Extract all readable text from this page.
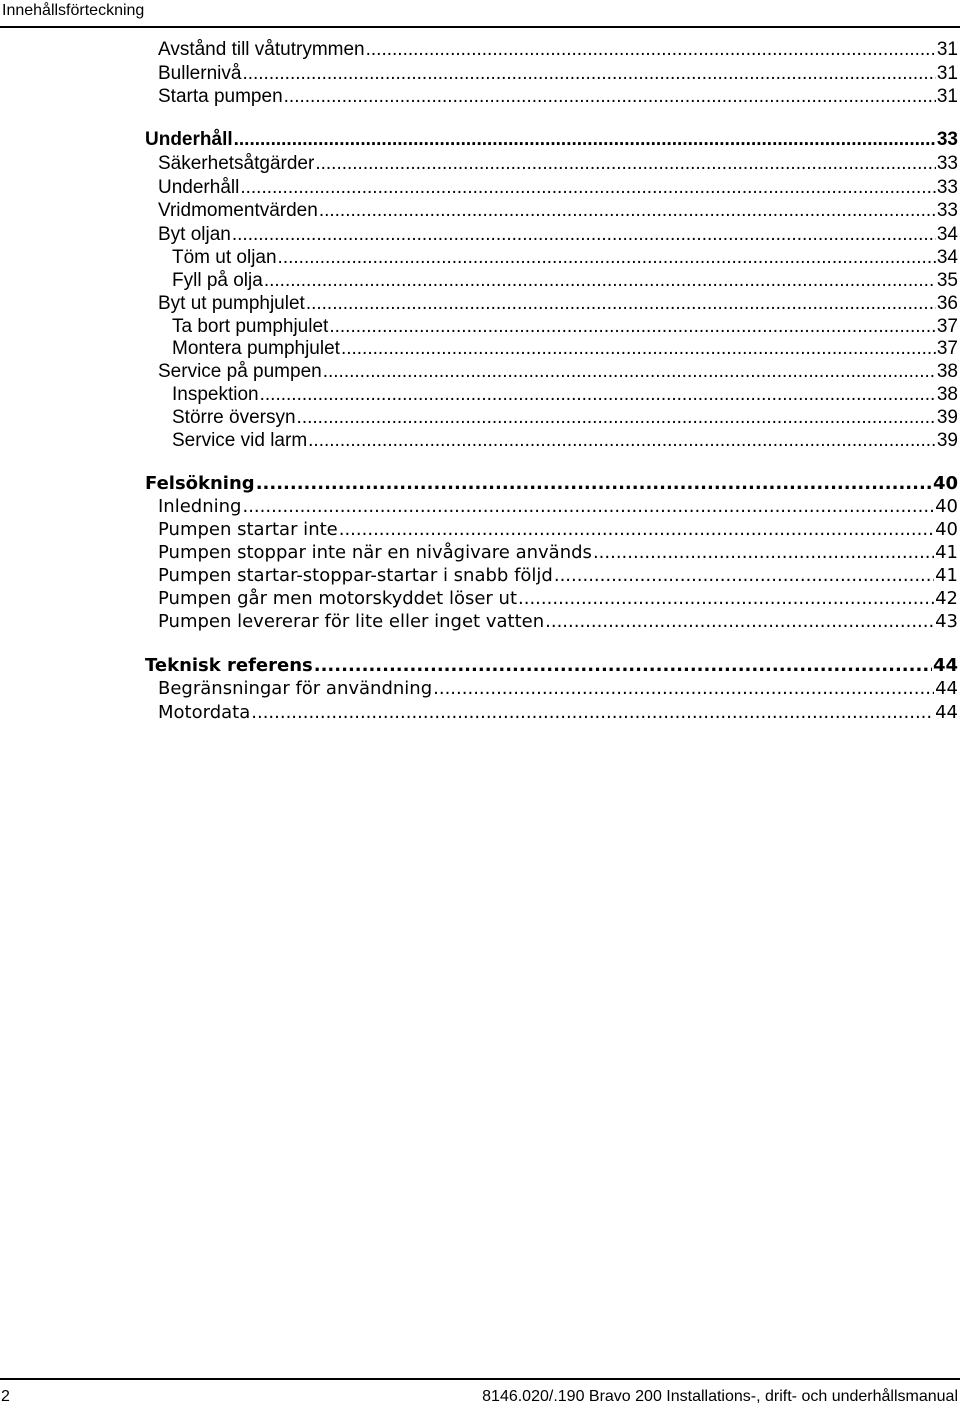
Innehållsförteckning
Avstånd till våtutrymmen .....	31
Bullernivå .....	31
Starta pumpen .....	31
Underhåll .....	33
Säkerhetsåtgärder .....	33
Underhåll .....	33
Vridmomentvärden .....	33
Byt oljan .....	34
Töm ut oljan .....	34
Fyll på olja .....	35
Byt ut pumphjulet .....	36
Ta bort pumphjulet .....	37
Montera pumphjulet .....	37
Service på pumpen .....	38
Inspektion .....	38
Större översyn .....	39
Service vid larm .....	39
Felsökning .....	40
Inledning .....	40
Pumpen startar inte .....	40
Pumpen stoppar inte när en nivågivare används .....	41
Pumpen startar-stoppar-startar i snabb följd .....	41
Pumpen går men motorskyddet löser ut .....	42
Pumpen levererar för lite eller inget vatten .....	43
Teknisk referens .....	44
Begränsningar för användning .....	44
Motordata .....	44
2	8146.020/.190 Bravo 200 Installations-, drift- och underhållsmanual
